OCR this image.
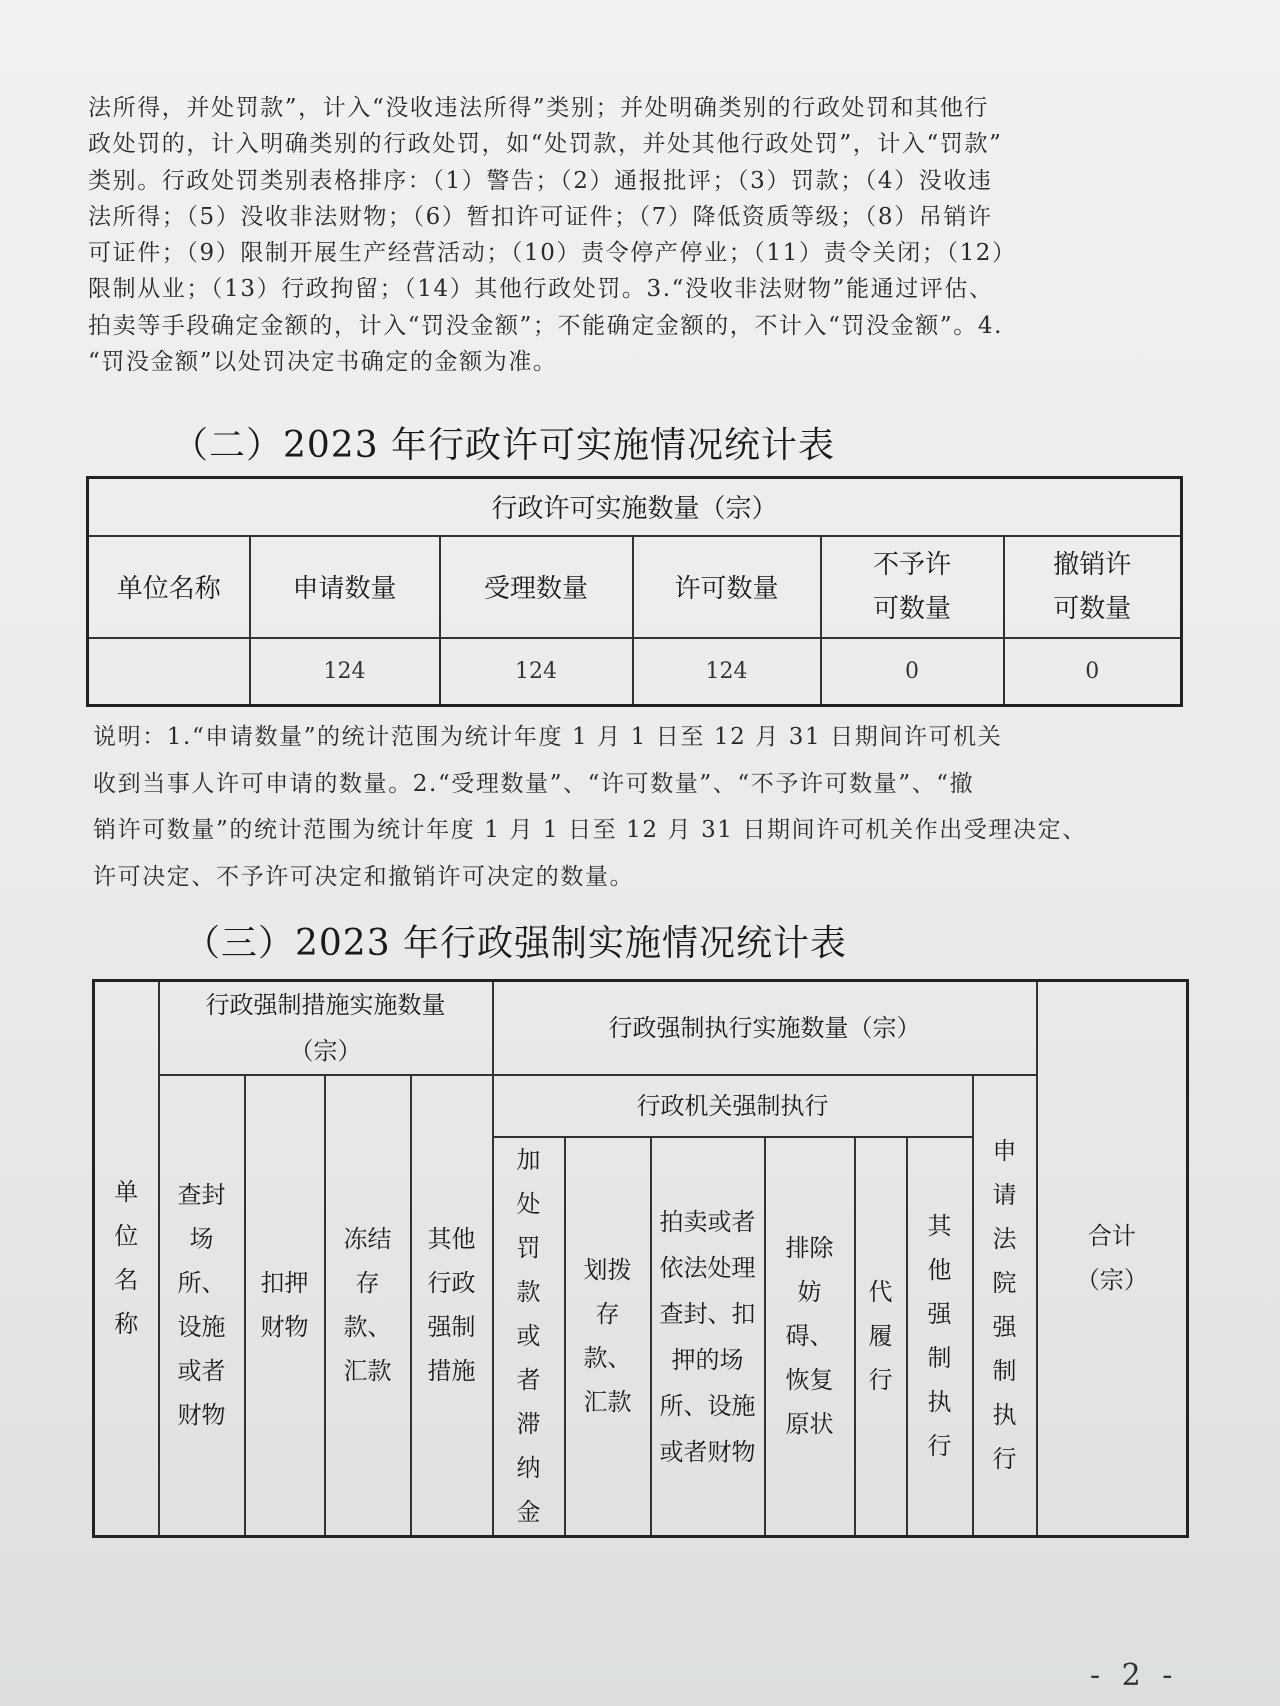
法所得，并处罚款”，计入“没收违法所得”类别；并处明确类别的行政处罚和其他行

政处罚的，计入明确类别的行政处罚，如“处罚款，并处其他行政处罚”，计入“罚款”

类别。行政处罚类别表格排序：（1）警告；（2）通报批评；（3）罚款；（4）没收违

法所得；（5）没收非法财物；（6）暂扣许可证件；（7）降低资质等级；（8）吊销许

可证件；（9）限制开展生产经营活动；（10）责令停产停业；（11）责令关闭；（12）

限制从业；（13）行政拘留；（14）其他行政处罚。3.“没收非法财物”能通过评估、

拍卖等手段确定金额的，计入“罚没金额”；不能确定金额的，不计入“罚没金额”。4.

“罚没金额”以处罚决定书确定的金额为准。

（二）2023 年行政许可实施情况统计表
行政许可实施数量（宗）					
单位名称	申请数量	受理数量	许可数量	不予许可数量	撤销许可数量
	124	124	124	0	0

说明：1.“申请数量”的统计范围为统计年度 1 月 1 日至 12 月 31 日期间许可机关

收到当事人许可申请的数量。2.“受理数量”、“许可数量”、“不予许可数量”、“撤

销许可数量”的统计范围为统计年度 1 月 1 日至 12 月 31 日期间许可机关作出受理决定、

许可决定、不予许可决定和撤销许可决定的数量。

（三）2023 年行政强制实施情况统计表
单位名称	行政强制措施实施数量（宗）				行政强制执行实施数量（宗）							合计（宗）
	查封场所、设施或者财物	扣押财物	冻结存款、汇款	其他行政强制措施	行政机关强制执行						申请法院强制执行	
					加处罚款或者滞纳金	划拨存款、汇款	拍卖或者依法处理查封、扣押的场所、设施或者财物	排除妨碍、恢复原状	代履行	其他强制执行		
- 2 -
